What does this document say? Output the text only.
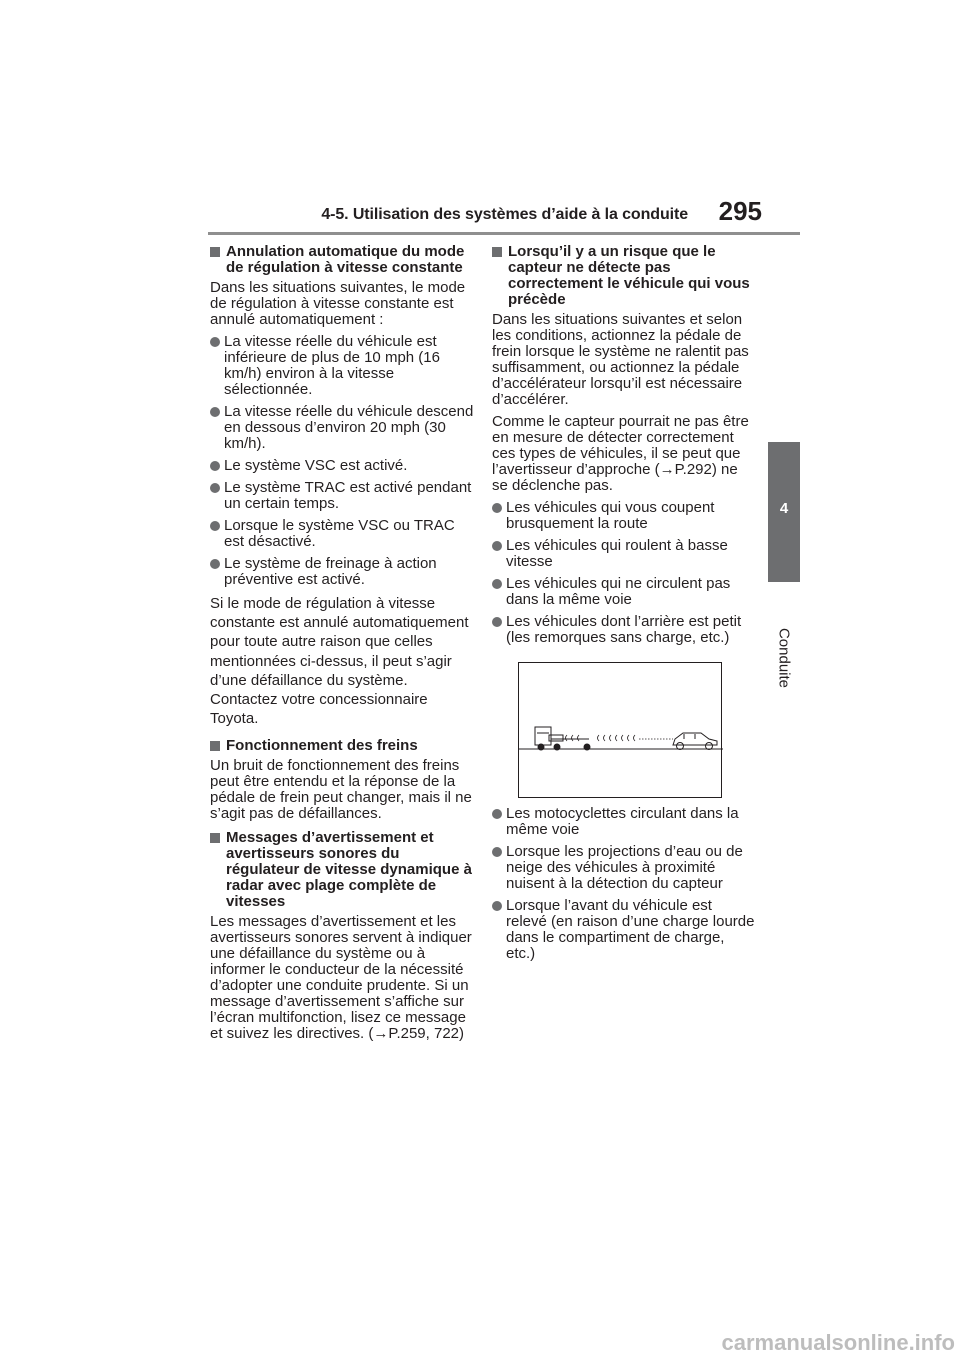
4-5. Utilisation des systèmes d’aide à la conduite	295
4
Conduite
Annulation automatique du mode de régulation à vitesse constante

Dans les situations suivantes, le mode de régulation à vitesse constante est annulé automatiquement :

La vitesse réelle du véhicule est inférieure de plus de 10 mph (16 km/h) environ à la vitesse sélectionnée.
La vitesse réelle du véhicule descend en dessous d’environ 20 mph (30 km/h).
Le système VSC est activé.
Le système TRAC est activé pendant un certain temps.
Lorsque le système VSC ou TRAC est désactivé.
Le système de freinage à action préventive est activé.

Si le mode de régulation à vitesse constante est annulé automatiquement pour toute autre raison que celles mentionnées ci-dessus, il peut s’agir d’une défaillance du système. Contactez votre concessionnaire Toyota.

Fonctionnement des freins

Un bruit de fonctionnement des freins peut être entendu et la réponse de la pédale de frein peut changer, mais il ne s’agit pas de défaillances.

Messages d’avertissement et avertisseurs sonores du régulateur de vitesse dynamique à radar avec plage complète de vitesses

Les messages d’avertissement et les avertisseurs sonores servent à indiquer une défaillance du système ou à informer le conducteur de la nécessité d’adopter une conduite prudente. Si un message d’avertissement s’affiche sur l’écran multifonction, lisez ce message et suivez les directives. (→P.259, 722)

Lorsqu’il y a un risque que le capteur ne détecte pas correctement le véhicule qui vous précède

Dans les situations suivantes et selon les conditions, actionnez la pédale de frein lorsque le système ne ralentit pas suffisamment, ou actionnez la pédale d’accélérateur lorsqu’il est nécessaire d’accélérer.

Comme le capteur pourrait ne pas être en mesure de détecter correctement ces types de véhicules, il se peut que l’avertisseur d’approche (→P.292) ne se déclenche pas.

Les véhicules qui vous coupent brusquement la route
Les véhicules qui roulent à basse vitesse
Les véhicules qui ne circulent pas dans la même voie
Les véhicules dont l’arrière est petit (les remorques sans charge, etc.)
Les motocyclettes circulant dans la même voie
Lorsque les projections d’eau ou de neige des véhicules à proximité nuisent à la détection du capteur
Lorsque l’avant du véhicule est relevé (en raison d’une charge lourde dans le compartiment de charge, etc.)
carmanualsonline.info
